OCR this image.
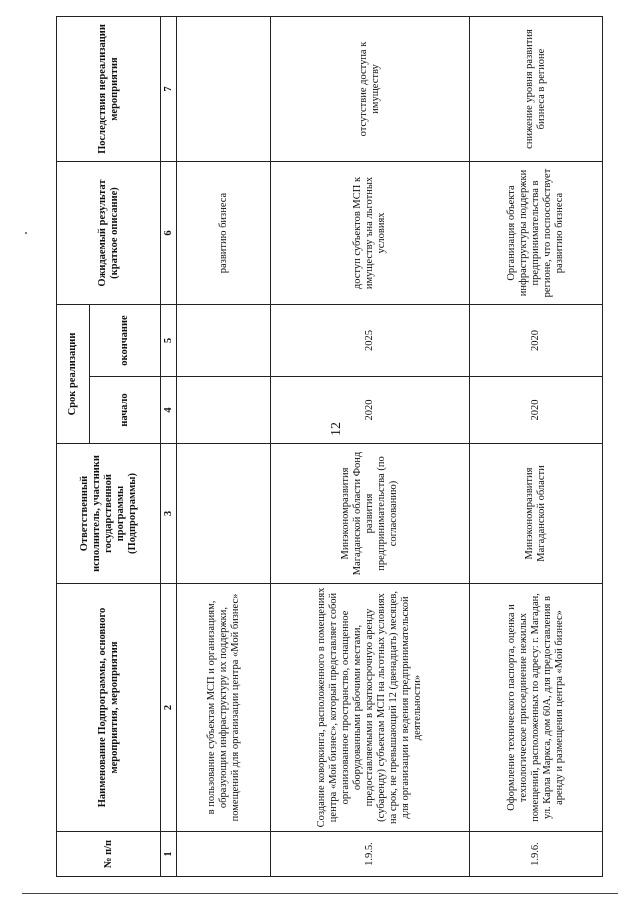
12
№ п/п	Наименование Подпрограммы, основного мероприятия, мероприятия	Ответственный исполнитель, участники государственной программы (Подпрограммы)	Срок реализации		Ожидаемый результат (краткое описание)	Последствия нереализации мероприятия
			начало	окончание		
1	2	3	4	5	6	7
	в пользование субъектам МСП и организациям, образующим инфраструктуру их поддержки, помещений для организации центра «Мой бизнес»				развитию бизнеса	
1.9.5.	Создание коворкинга, расположенного в помещениях центра «Мой бизнес», который представляет собой организованное пространство, оснащенное оборудованными рабочими местами, предоставляемыми в краткосрочную аренду (субаренду) субъектам МСП на льготных условиях на срок, не превышающий 12 (двенадцать) месяцев, для организации и ведения предпринимательской деятельности»	Минэкономразвития Магаданской области Фонд развития предпринимательства (по согласованию)	2020	2025	доступ субъектов МСП к имуществу ъна льготных условиях	отсутствие доступа к имуществу
1.9.6.	Оформление технического паспорта, оценка и технологическое присоединение нежилых помещений, расположенных по адресу: г. Магадан, ул. Карла Маркса, дом 60А, для предоставления в аренду и размещения центра «Мой бизнес»	Минэкономразвития Магаданской области	2020	2020	Организация объекта инфраструктуры поддержки предпринимательства в регионе, что поспособствует развитию бизнеса	снижение уровня развития бизнеса в регионе
